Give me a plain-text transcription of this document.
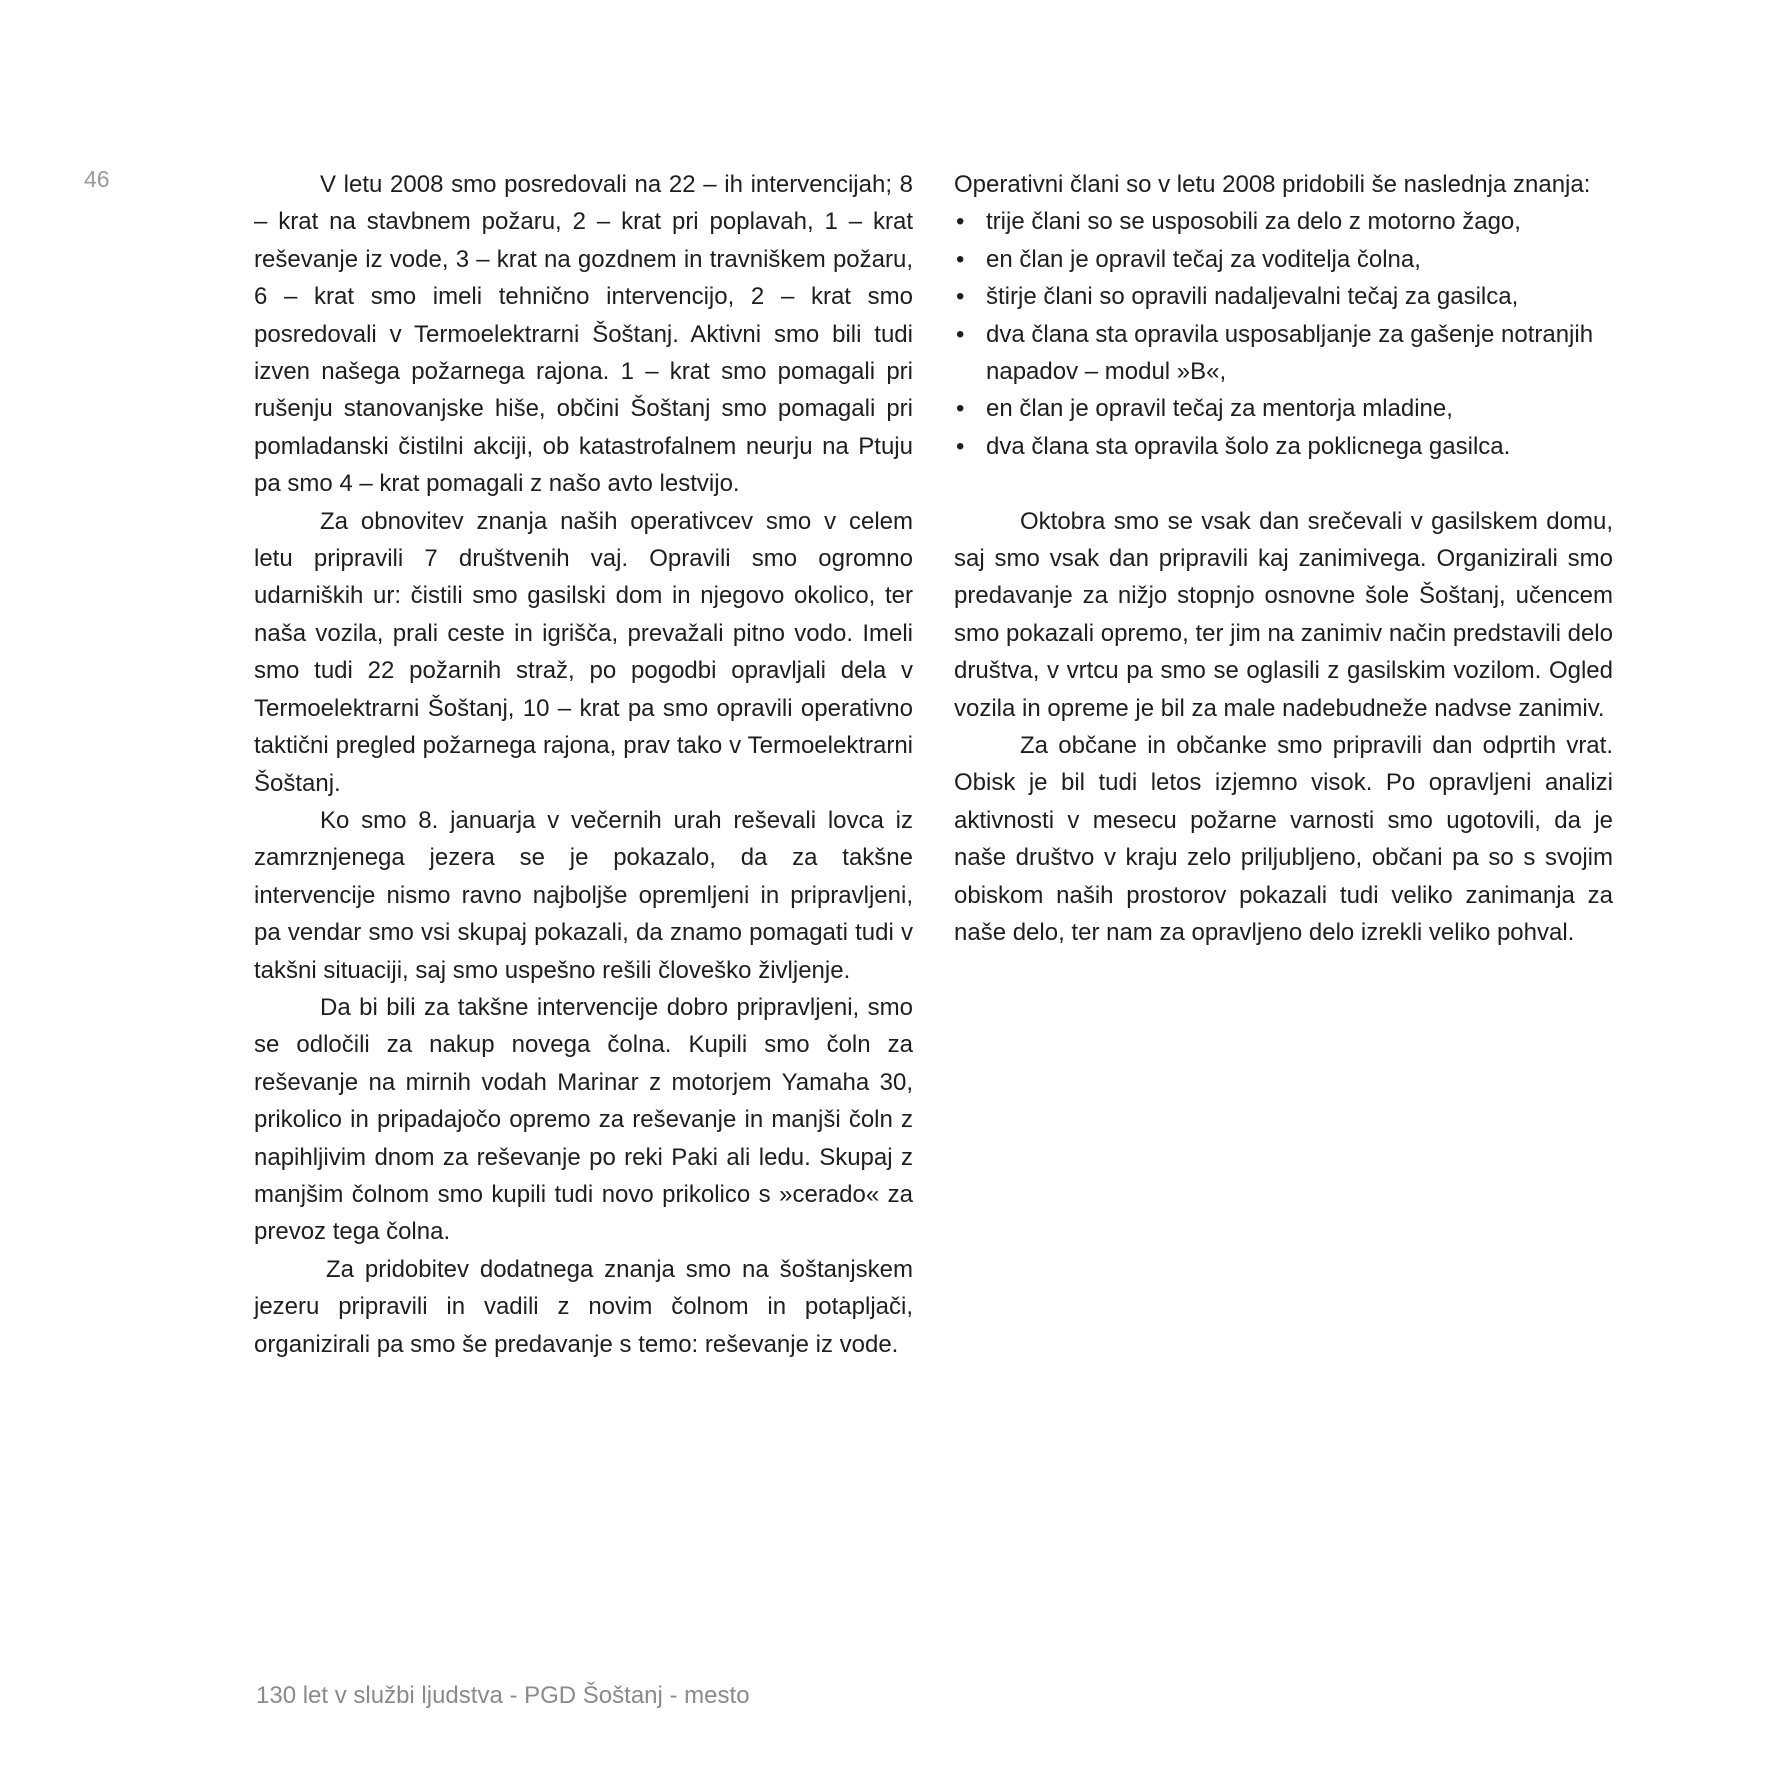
46	V letu 2008 smo posredovali na 22 – ih intervencijah; 8 – krat na stavbnem požaru, 2 – krat pri poplavah, 1 – krat reševanje iz vode, 3 – krat na gozdnem in travniškem požaru, 6 – krat smo imeli tehnično intervencijo, 2 – krat smo posredovali v Termoelektrarni Šoštanj. Aktivni smo bili tudi izven našega požarnega rajona. 1 – krat smo pomagali pri rušenju stanovanjske hiše, občini Šoštanj smo pomagali pri pomladanski čistilni akciji, ob katastrofalnem neurju na Ptuju pa smo 4 – krat pomagali z našo avto lestvijo.

Za obnovitev znanja naših operativcev smo v celem letu pripravili 7 društvenih vaj. Opravili smo ogromno udarniških ur: čistili smo gasilski dom in njegovo okolico, ter naša vozila, prali ceste in igrišča, prevažali pitno vodo. Imeli smo tudi 22 požarnih straž, po pogodbi opravljali dela v Termoelektrarni Šoštanj, 10 – krat pa smo opravili operativno taktični pregled požarnega rajona, prav tako v Termoelektrarni Šoštanj.

Ko smo 8. januarja v večernih urah reševali lovca iz zamrznjenega jezera se je pokazalo, da za takšne intervencije nismo ravno najboljše opremljeni in pripravljeni, pa vendar smo vsi skupaj pokazali, da znamo pomagati tudi v takšni situaciji, saj smo uspešno rešili človeško življenje.

Da bi bili za takšne intervencije dobro pripravljeni, smo se odločili za nakup novega čolna. Kupili smo čoln za reševanje na mirnih vodah Marinar z motorjem Yamaha 30, prikolico in pripadajočo opremo za reševanje in manjši čoln z napihljivim dnom za reševanje po reki Paki ali ledu. Skupaj z manjšim čolnom smo kupili tudi novo prikolico s »cerado« za prevoz tega čolna.

Za pridobitev dodatnega znanja smo na šoštanjskem jezeru pripravili in vadili z novim čolnom in potapljači, organizirali pa smo še predavanje s temo: reševanje iz vode.

Operativni člani so v letu 2008 pridobili še naslednja znanja:

• trije člani so se usposobili za delo z motorno žago,
• en član je opravil tečaj za voditelja čolna,
• štirje člani so opravili nadaljevalni tečaj za gasilca,
• dva člana sta opravila usposabljanje za gašenje notranjih napadov – modul »B«,
• en član je opravil tečaj za mentorja mladine,
• dva člana sta opravila šolo za poklicnega gasilca.

Oktobra smo se vsak dan srečevali v gasilskem domu, saj smo vsak dan pripravili kaj zanimivega. Organizirali smo predavanje za nižjo stopnjo osnovne šole Šoštanj, učencem smo pokazali opremo, ter jim na zanimiv način predstavili delo društva, v vrtcu pa smo se oglasili z gasilskim vozilom. Ogled vozila in opreme je bil za male nadebudneže nadvse zanimiv.

Za občane in občanke smo pripravili dan odprtih vrat. Obisk je bil tudi letos izjemno visok. Po opravljeni analizi aktivnosti v mesecu požarne varnosti smo ugotovili, da je naše društvo v kraju zelo priljubljeno, občani pa so s svojim obiskom naših prostorov pokazali tudi veliko zanimanja za naše delo, ter nam za opravljeno delo izrekli veliko pohval.

130 let v službi ljudstva - PGD Šoštanj - mesto
